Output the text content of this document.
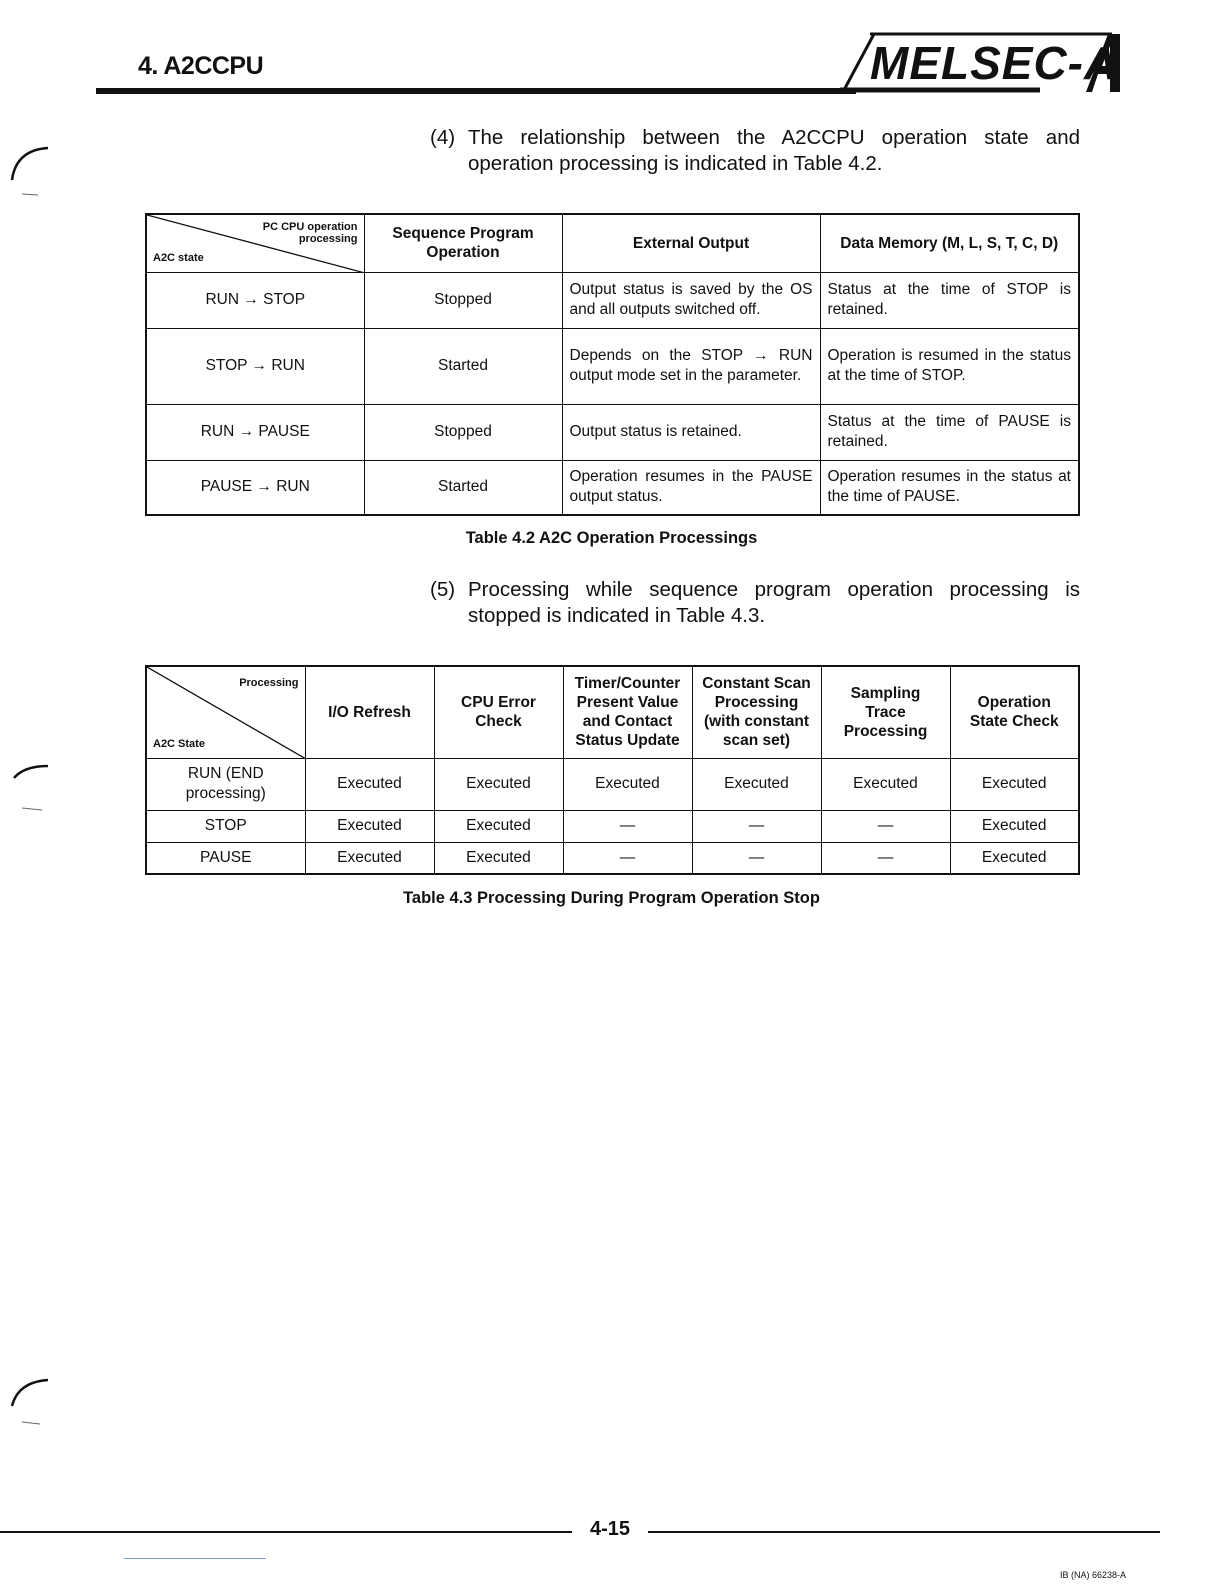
4. A2CCPU	MELSEC-A
(4) The relationship between the A2CCPU operation state and operation processing is indicated in Table 4.2.
PC CPU operation processing
A2C state	Sequence Program Operation	External Output	Data Memory (M, L, S, T, C, D)
RUN → STOP	Stopped	Output status is saved by the OS and all outputs switched off.	Status at the time of STOP is retained.
STOP → RUN	Started	Depends on the STOP → RUN output mode set in the parameter.	Operation is resumed in the status at the time of STOP.
RUN → PAUSE	Stopped	Output status is retained.	Status at the time of PAUSE is retained.
PAUSE → RUN	Started	Operation resumes in the PAUSE output status.	Operation resumes in the status at the time of PAUSE.
Table 4.2 A2C Operation Processings
(5) Processing while sequence program operation processing is stopped is indicated in Table 4.3.
Processing
A2C State	I/O Refresh	CPU Error Check	Timer/Counter Present Value and Contact Status Update	Constant Scan Processing (with constant scan set)	Sampling Trace Processing	Operation State Check
RUN (END processing)	Executed	Executed	Executed	Executed	Executed	Executed
STOP	Executed	Executed	—	—	—	Executed
PAUSE	Executed	Executed	—	—	—	Executed
Table 4.3 Processing During Program Operation Stop
4-15
IB (NA) 66238-A
